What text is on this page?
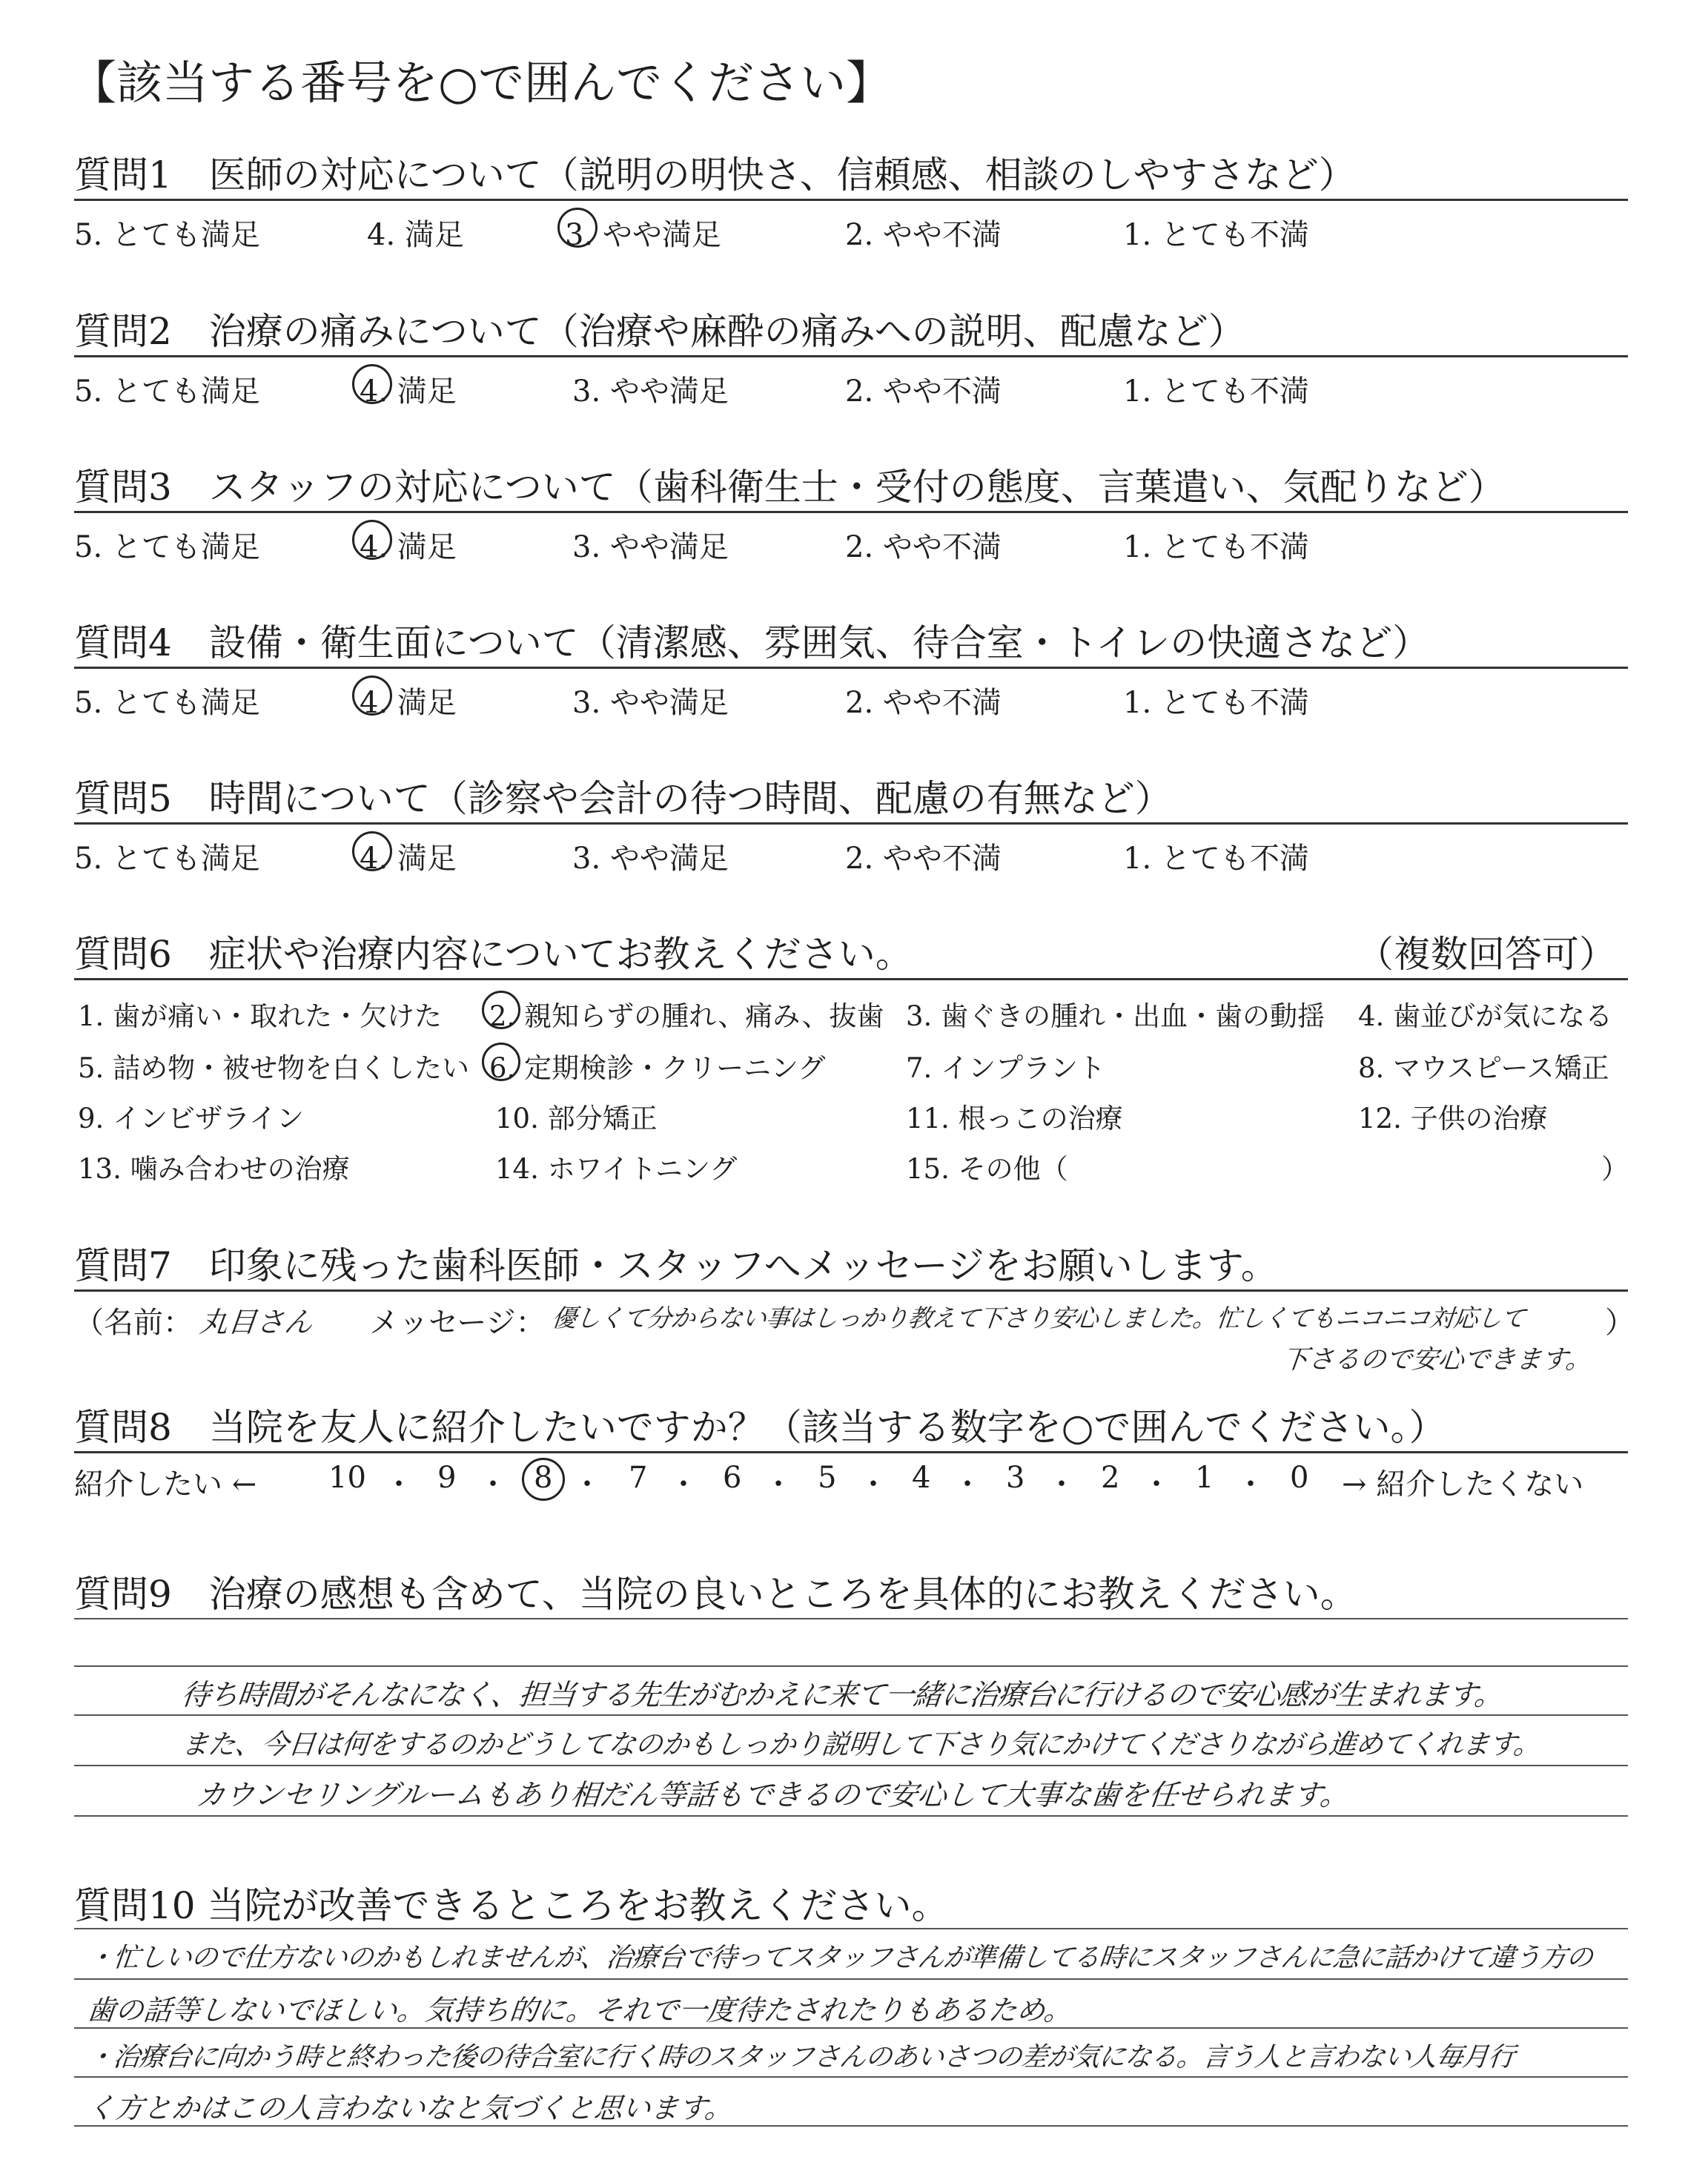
【該当する番号を○で囲んでください】
質問1　医師の対応について（説明の明快さ、信頼感、相談のしやすさなど）
5. とても満足	4. 満足	3. やや満足	2. やや不満	1. とても不満
質問2　治療の痛みについて（治療や麻酔の痛みへの説明、配慮など）
5. とても満足	4. 満足	3. やや満足	2. やや不満	1. とても不満
質問3　スタッフの対応について（歯科衛生士・受付の態度、言葉遣い、気配りなど）
5. とても満足	4. 満足	3. やや満足	2. やや不満	1. とても不満
質問4　設備・衛生面について（清潔感、雰囲気、待合室・トイレの快適さなど）
5. とても満足	4. 満足	3. やや満足	2. やや不満	1. とても不満
質問5　時間について（診察や会計の待つ時間、配慮の有無など）
5. とても満足	4. 満足	3. やや満足	2. やや不満	1. とても不満
質問6　症状や治療内容についてお教えください。	（複数回答可）
1. 歯が痛い・取れた・欠けた 2. 親知らずの腫れ、痛み、抜歯 3. 歯ぐきの腫れ・出血・歯の動揺 4. 歯並びが気になる
5. 詰め物・被せ物を白くしたい 6. 定期検診・クリーニング	7. インプラント	8. マウスピース矯正
9. インビザライン	10. 部分矯正	11. 根っこの治療	12. 子供の治療
13. 噛み合わせの治療	14. ホワイトニング	15. その他（	）
質問7　印象に残った歯科医師・スタッフへメッセージをお願いします。
（名前： 丸目さん メッセージ： 優しくて分からない事はしっかり教えて下さり安心しました。忙しくてもニコニコ対応して	）
下さるので安心できます。
質問8　当院を友人に紹介したいですか？（該当する数字を○で囲んでください。）
紹介したい ← 10 ・ 9 ・ 8 ・ 7 ・ 6 ・ 5 ・ 4 ・ 3 ・ 2 ・ 1 ・ 0 → 紹介したくない
質問9　治療の感想も含めて、当院の良いところを具体的にお教えください。
待ち時間がそんなになく、担当する先生がむかえに来て一緒に治療台に行けるので安心感が生まれます。
また、今日は何をするのかどうしてなのかもしっかり説明して下さり気にかけてくださりながら進めてくれます。
カウンセリングルームもあり相だん等話もできるので安心して大事な歯を任せられます。
質問10 当院が改善できるところをお教えください。
・忙しいので仕方ないのかもしれませんが、治療台で待ってスタッフさんが準備してる時にスタッフさんに急に話かけて違う方の
歯の話等しないでほしい。気持ち的に。それで一度待たされたりもあるため。
・治療台に向かう時と終わった後の待合室に行く時のスタッフさんのあいさつの差が気になる。言う人と言わない人毎月行
く方とかはこの人言わないなと気づくと思います。
